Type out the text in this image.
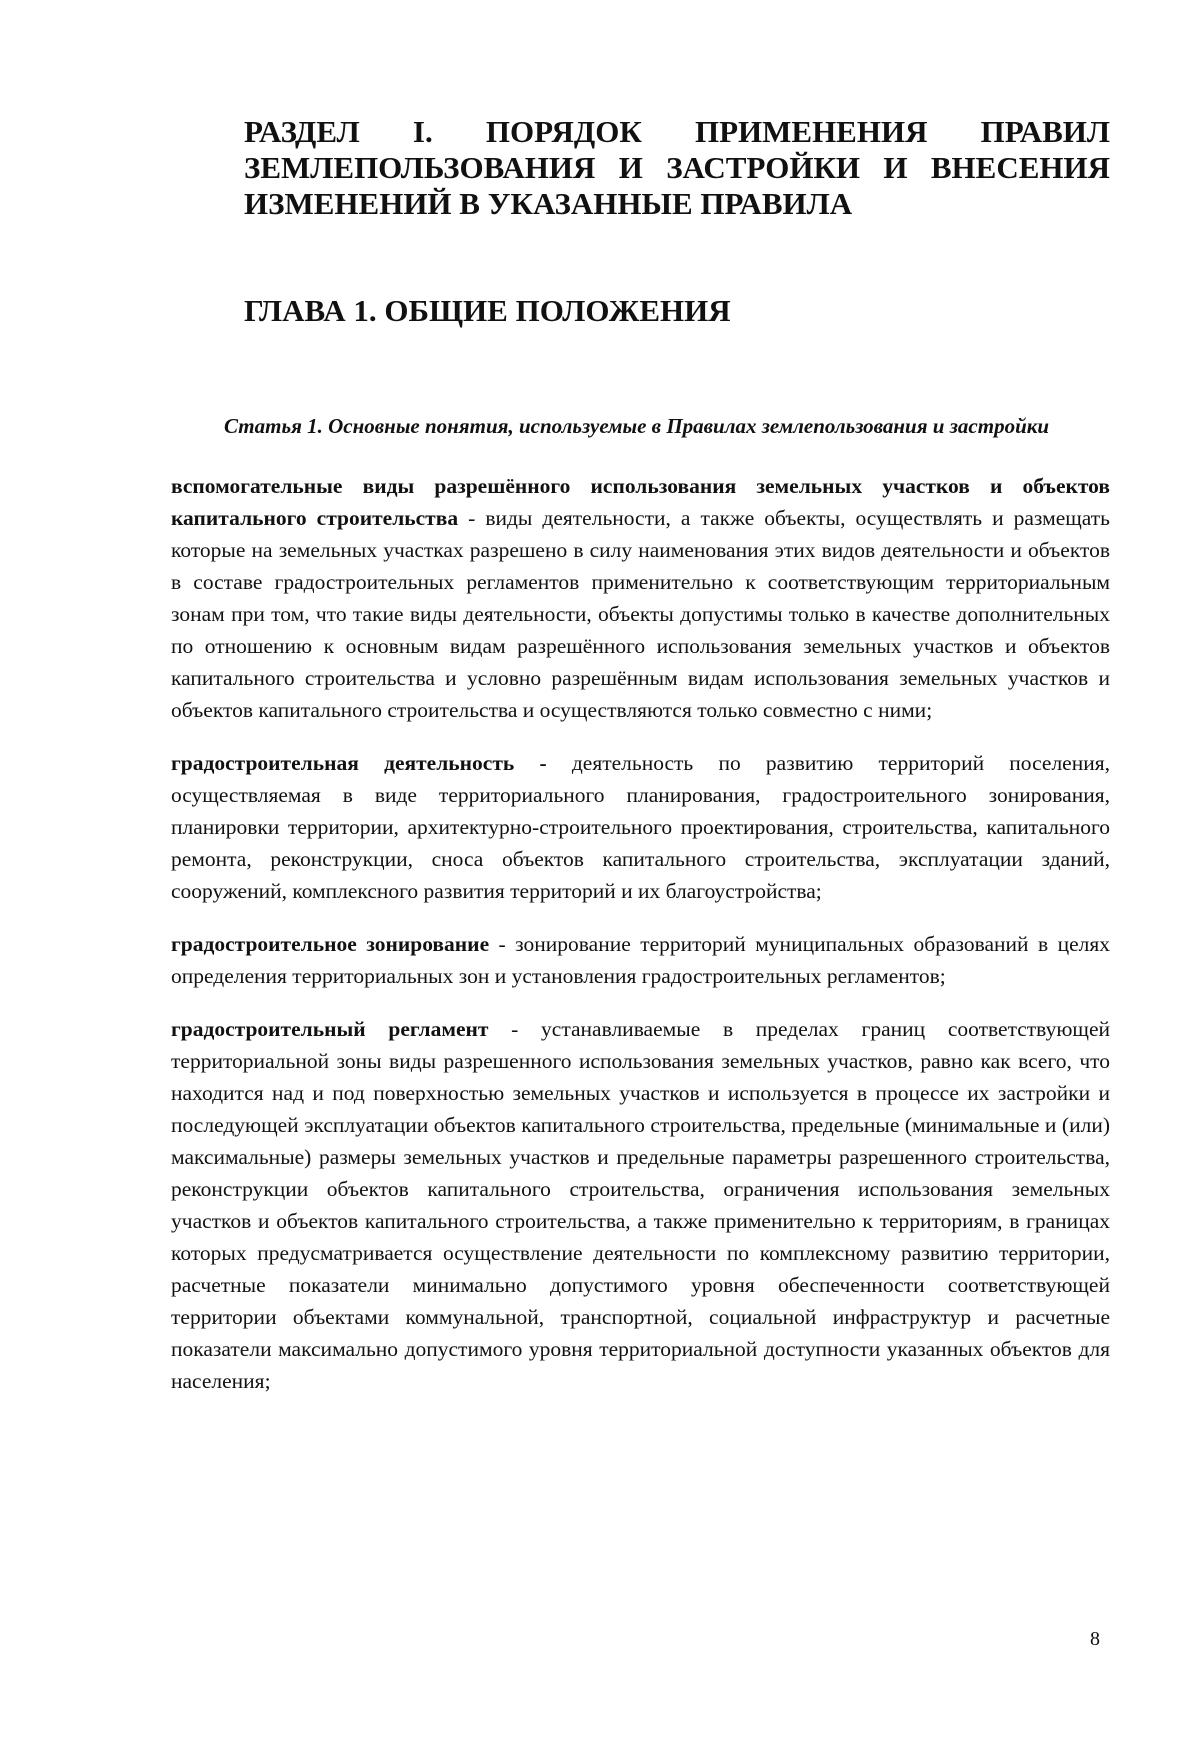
РАЗДЕЛ I. ПОРЯДОК ПРИМЕНЕНИЯ ПРАВИЛ ЗЕМЛЕПОЛЬЗОВАНИЯ И ЗАСТРОЙКИ И ВНЕСЕНИЯ ИЗМЕНЕНИЙ В УКАЗАННЫЕ ПРАВИЛА
ГЛАВА 1. ОБЩИЕ ПОЛОЖЕНИЯ
Статья 1. Основные понятия, используемые в Правилах землепользования и застройки

вспомогательные виды разрешённого использования земельных участков и объектов капитального строительства - виды деятельности, а также объекты, осуществлять и размещать которые на земельных участках разрешено в силу наименования этих видов деятельности и объектов в составе градостроительных регламентов применительно к соответствующим территориальным зонам при том, что такие виды деятельности, объекты допустимы только в качестве дополнительных по отношению к основным видам разрешённого использования земельных участков и объектов капитального строительства и условно разрешённым видам использования земельных участков и объектов капитального строительства и осуществляются только совместно с ними;

градостроительная деятельность - деятельность по развитию территорий поселения, осуществляемая в виде территориального планирования, градостроительного зонирования, планировки территории, архитектурно-строительного проектирования, строительства, капитального ремонта, реконструкции, сноса объектов капитального строительства, эксплуатации зданий, сооружений, комплексного развития территорий и их благоустройства;

градостроительное зонирование - зонирование территорий муниципальных образований в целях определения территориальных зон и установления градостроительных регламентов;

градостроительный регламент - устанавливаемые в пределах границ соответствующей территориальной зоны виды разрешенного использования земельных участков, равно как всего, что находится над и под поверхностью земельных участков и используется в процессе их застройки и последующей эксплуатации объектов капитального строительства, предельные (минимальные и (или) максимальные) размеры земельных участков и предельные параметры разрешенного строительства, реконструкции объектов капитального строительства, ограничения использования земельных участков и объектов капитального строительства, а также применительно к территориям, в границах которых предусматривается осуществление деятельности по комплексному развитию территории, расчетные показатели минимально допустимого уровня обеспеченности соответствующей территории объектами коммунальной, транспортной, социальной инфраструктур и расчетные показатели максимально допустимого уровня территориальной доступности указанных объектов для населения;

8
